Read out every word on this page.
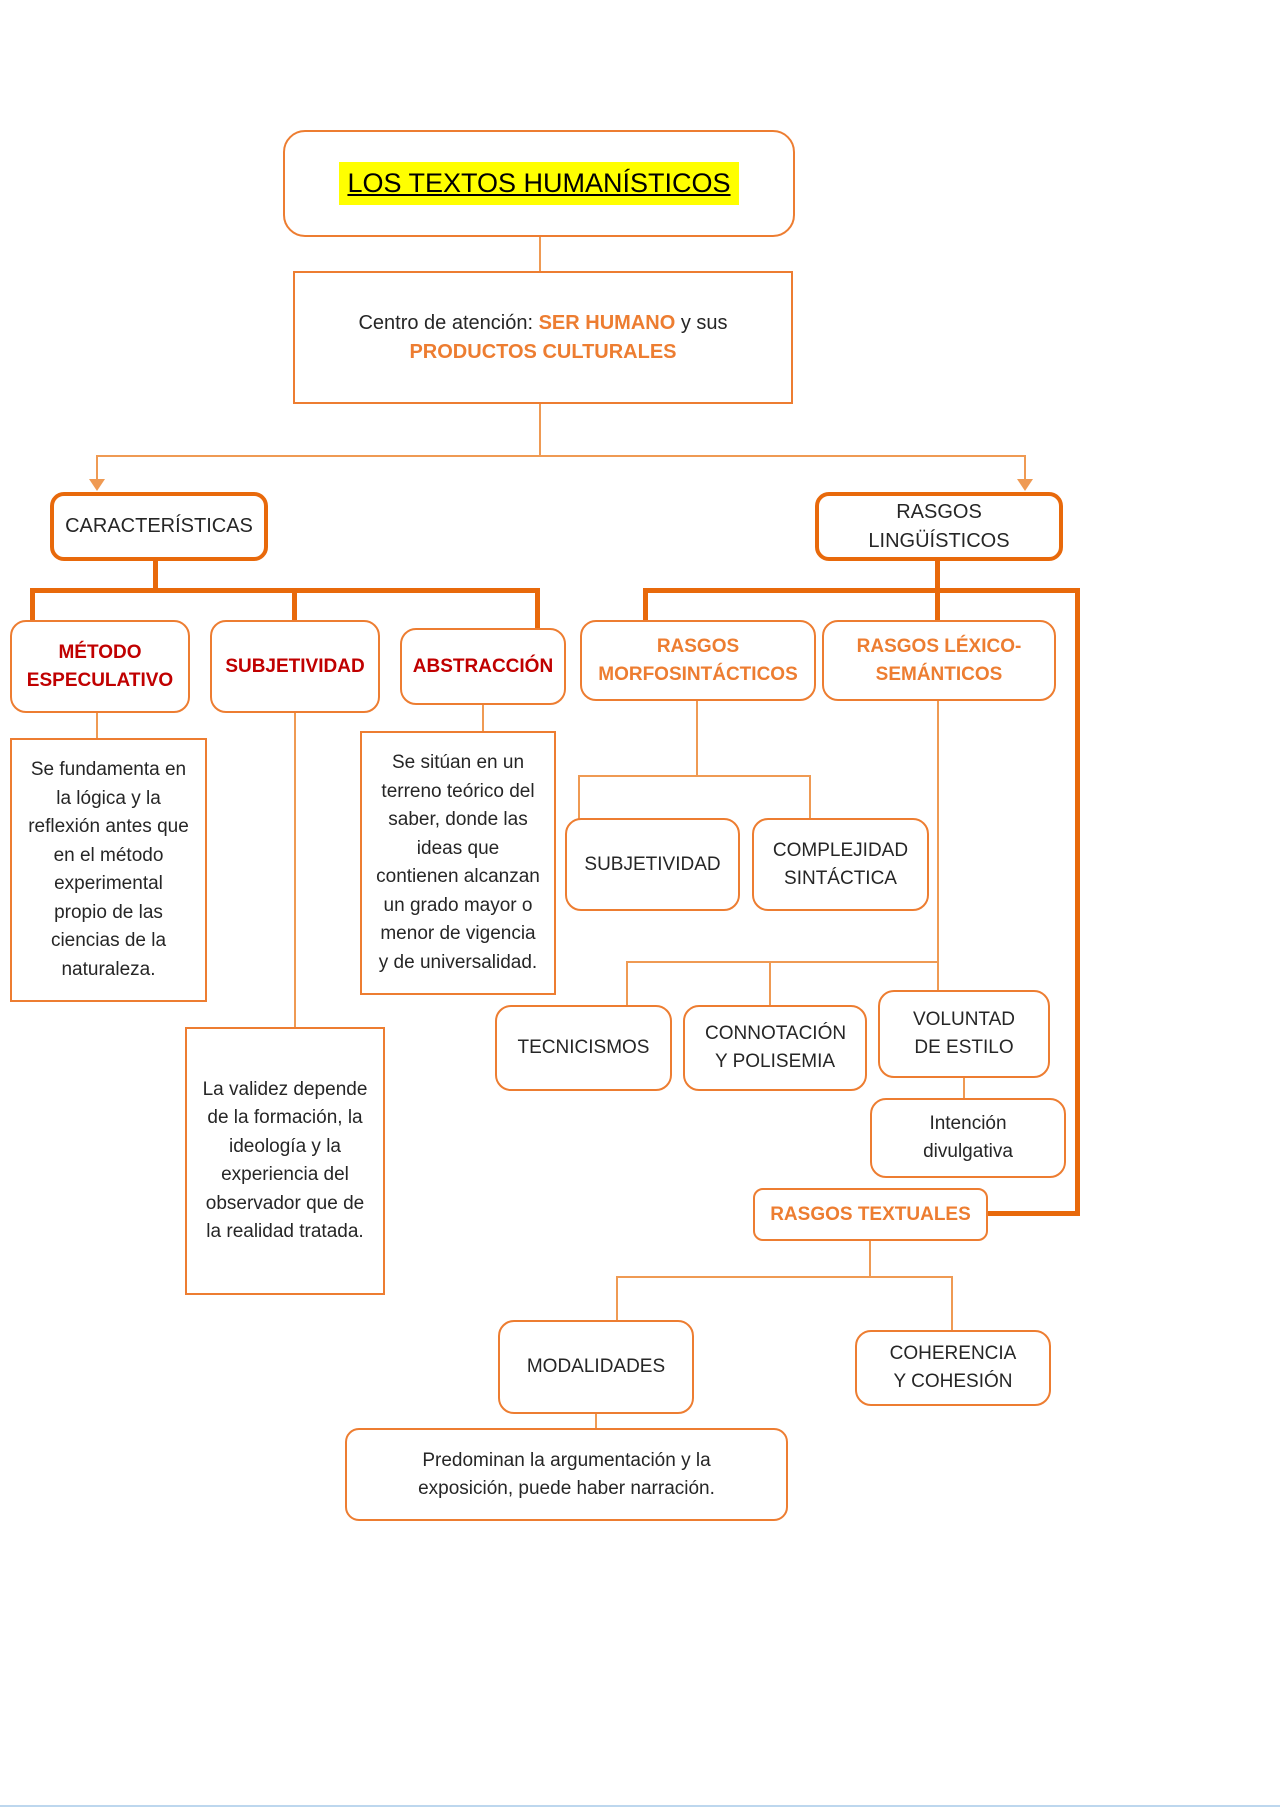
LOS TEXTOS HUMANÍSTICOS
Centro de atención: SER HUMANO y sus
PRODUCTOS CULTURALES
CARACTERÍSTICAS
RASGOS LINGÜÍSTICOS
MÉTODO ESPECULATIVO
SUBJETIVIDAD	ABSTRACCIÓN
Se fundamenta en la lógica y la reflexión antes que en el método experimental propio de las ciencias de la naturaleza.
La validez depende de la formación, la ideología y la experiencia del observador que de la realidad tratada.
Se sitúan en un terreno teórico del saber, donde las ideas que contienen alcanzan un grado mayor o menor de vigencia y de universalidad.
RASGOS MORFOSINTÁCTICOS
RASGOS LÉXICO-SEMÁNTICOS
SUBJETIVIDAD
COMPLEJIDAD SINTÁCTICA
TECNICISMOS
CONNOTACIÓN Y POLISEMIA
VOLUNTAD DE ESTILO
Intención divulgativa
RASGOS TEXTUALES
MODALIDADES
COHERENCIA Y COHESIÓN
Predominan la argumentación y la exposición, puede haber narración.
